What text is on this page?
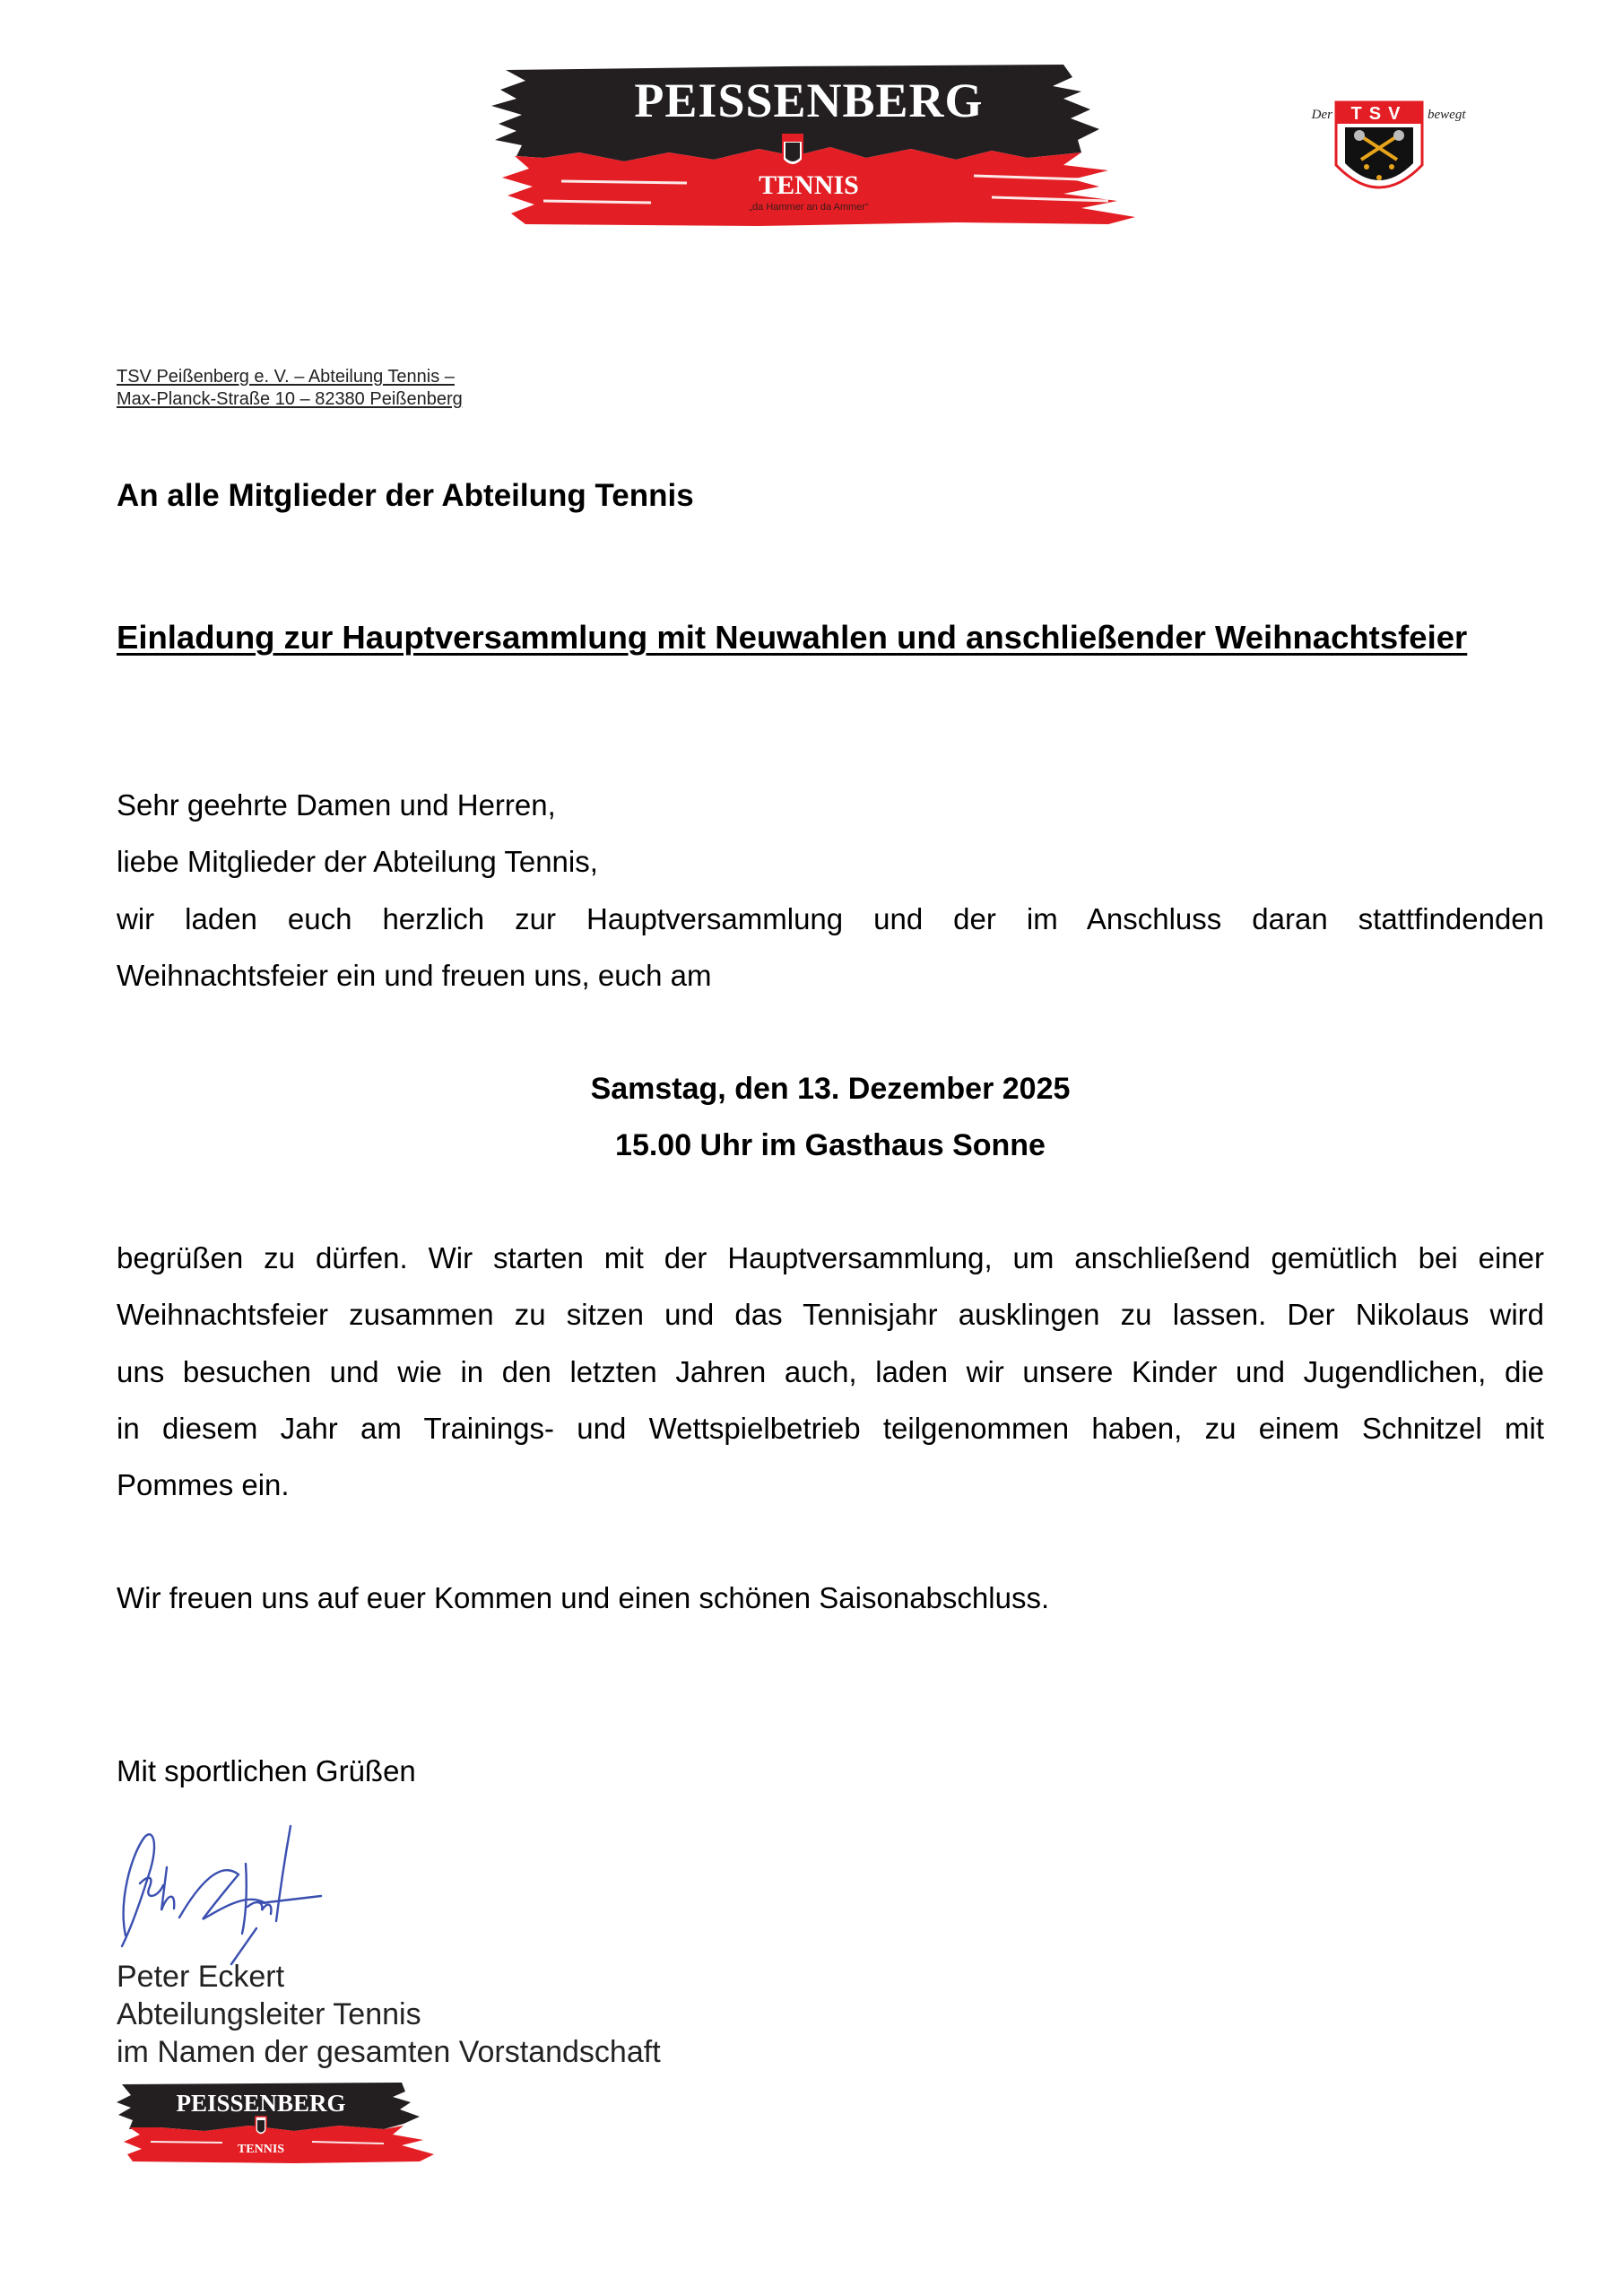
PEISSENBERG
TENNIS
„da Hammer an da Ammer“
TSV
Der	bewegt
TSV Peißenberg e. V. – Abteilung Tennis –
Max-Planck-Straße 10 – 82380 Peißenberg
An alle Mitglieder der Abteilung Tennis
Einladung zur Hauptversammlung mit Neuwahlen und anschließender Weihnachtsfeier
Sehr geehrte Damen und Herren,
liebe Mitglieder der Abteilung Tennis,
wir laden euch herzlich zur Hauptversammlung und der im Anschluss daran stattfindenden
Weihnachtsfeier ein und freuen uns, euch am
Samstag, den 13. Dezember 2025
15.00 Uhr im Gasthaus Sonne
begrüßen zu dürfen. Wir starten mit der Hauptversammlung, um anschließend gemütlich bei einer
Weihnachtsfeier zusammen zu sitzen und das Tennisjahr ausklingen zu lassen. Der Nikolaus wird
uns besuchen und wie in den letzten Jahren auch, laden wir unsere Kinder und Jugendlichen, die
in diesem Jahr am Trainings- und Wettspielbetrieb teilgenommen haben, zu einem Schnitzel mit
Pommes ein.
Wir freuen uns auf euer Kommen und einen schönen Saisonabschluss.
Mit sportlichen Grüßen
Peter Eckert
Abteilungsleiter Tennis
im Namen der gesamten Vorstandschaft
PEISSENBERG
TENNIS
